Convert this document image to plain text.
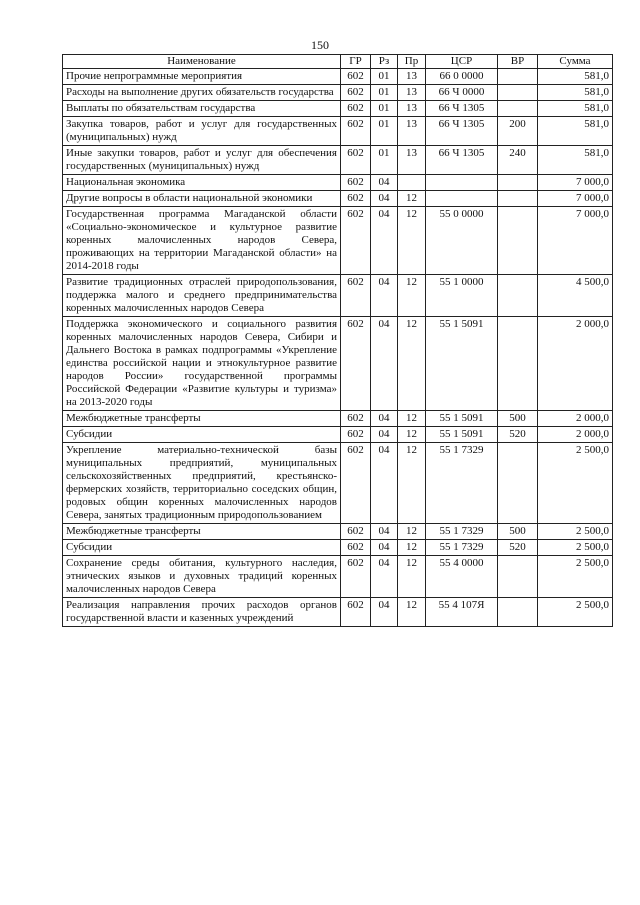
150
Наименование	ГР	Рз	Пр	ЦСР	ВР	Сумма
Прочие непрограммные мероприятия	602	01	13	66 0 0000		581,0
Расходы на выполнение других обязательств государства	602	01	13	66 Ч 0000		581,0
Выплаты по обязательствам государства	602	01	13	66 Ч 1305		581,0
Закупка товаров, работ и услуг для государственных (муниципальных) нужд	602	01	13	66 Ч 1305	200	581,0
Иные закупки товаров, работ и услуг для обеспечения государственных (муниципальных) нужд	602	01	13	66 Ч 1305	240	581,0
Национальная экономика	602	04				7 000,0
Другие вопросы в области национальной экономики	602	04	12			7 000,0
Государственная программа Магаданской области «Социально-экономическое и культурное развитие коренных малочисленных народов Севера, проживающих на территории Магаданской области» на 2014-2018 годы	602	04	12	55 0 0000		7 000,0
Развитие традиционных отраслей природопользования, поддержка малого и среднего предпринимательства коренных малочисленных народов Севера	602	04	12	55 1 0000		4 500,0
Поддержка экономического и социального развития коренных малочисленных народов Севера, Сибири и Дальнего Востока в рамках подпрограммы «Укрепление единства российской нации и этнокультурное развитие народов России» государственной программы Российской Федерации «Развитие культуры и туризма» на 2013-2020 годы	602	04	12	55 1 5091		2 000,0
Межбюджетные трансферты	602	04	12	55 1 5091	500	2 000,0
Субсидии	602	04	12	55 1 5091	520	2 000,0
Укрепление материально-технической базы муниципальных предприятий, муниципальных сельскохозяйственных предприятий, крестьянско-фермерских хозяйств, территориально соседских общин, родовых общин коренных малочисленных народов Севера, занятых традиционным природопользованием	602	04	12	55 1 7329		2 500,0
Межбюджетные трансферты	602	04	12	55 1 7329	500	2 500,0
Субсидии	602	04	12	55 1 7329	520	2 500,0
Сохранение среды обитания, культурного наследия, этнических языков и духовных традиций коренных малочисленных народов Севера	602	04	12	55 4 0000		2 500,0
Реализация направления прочих расходов органов государственной власти и казенных учреждений	602	04	12	55 4 107Я		2 500,0
